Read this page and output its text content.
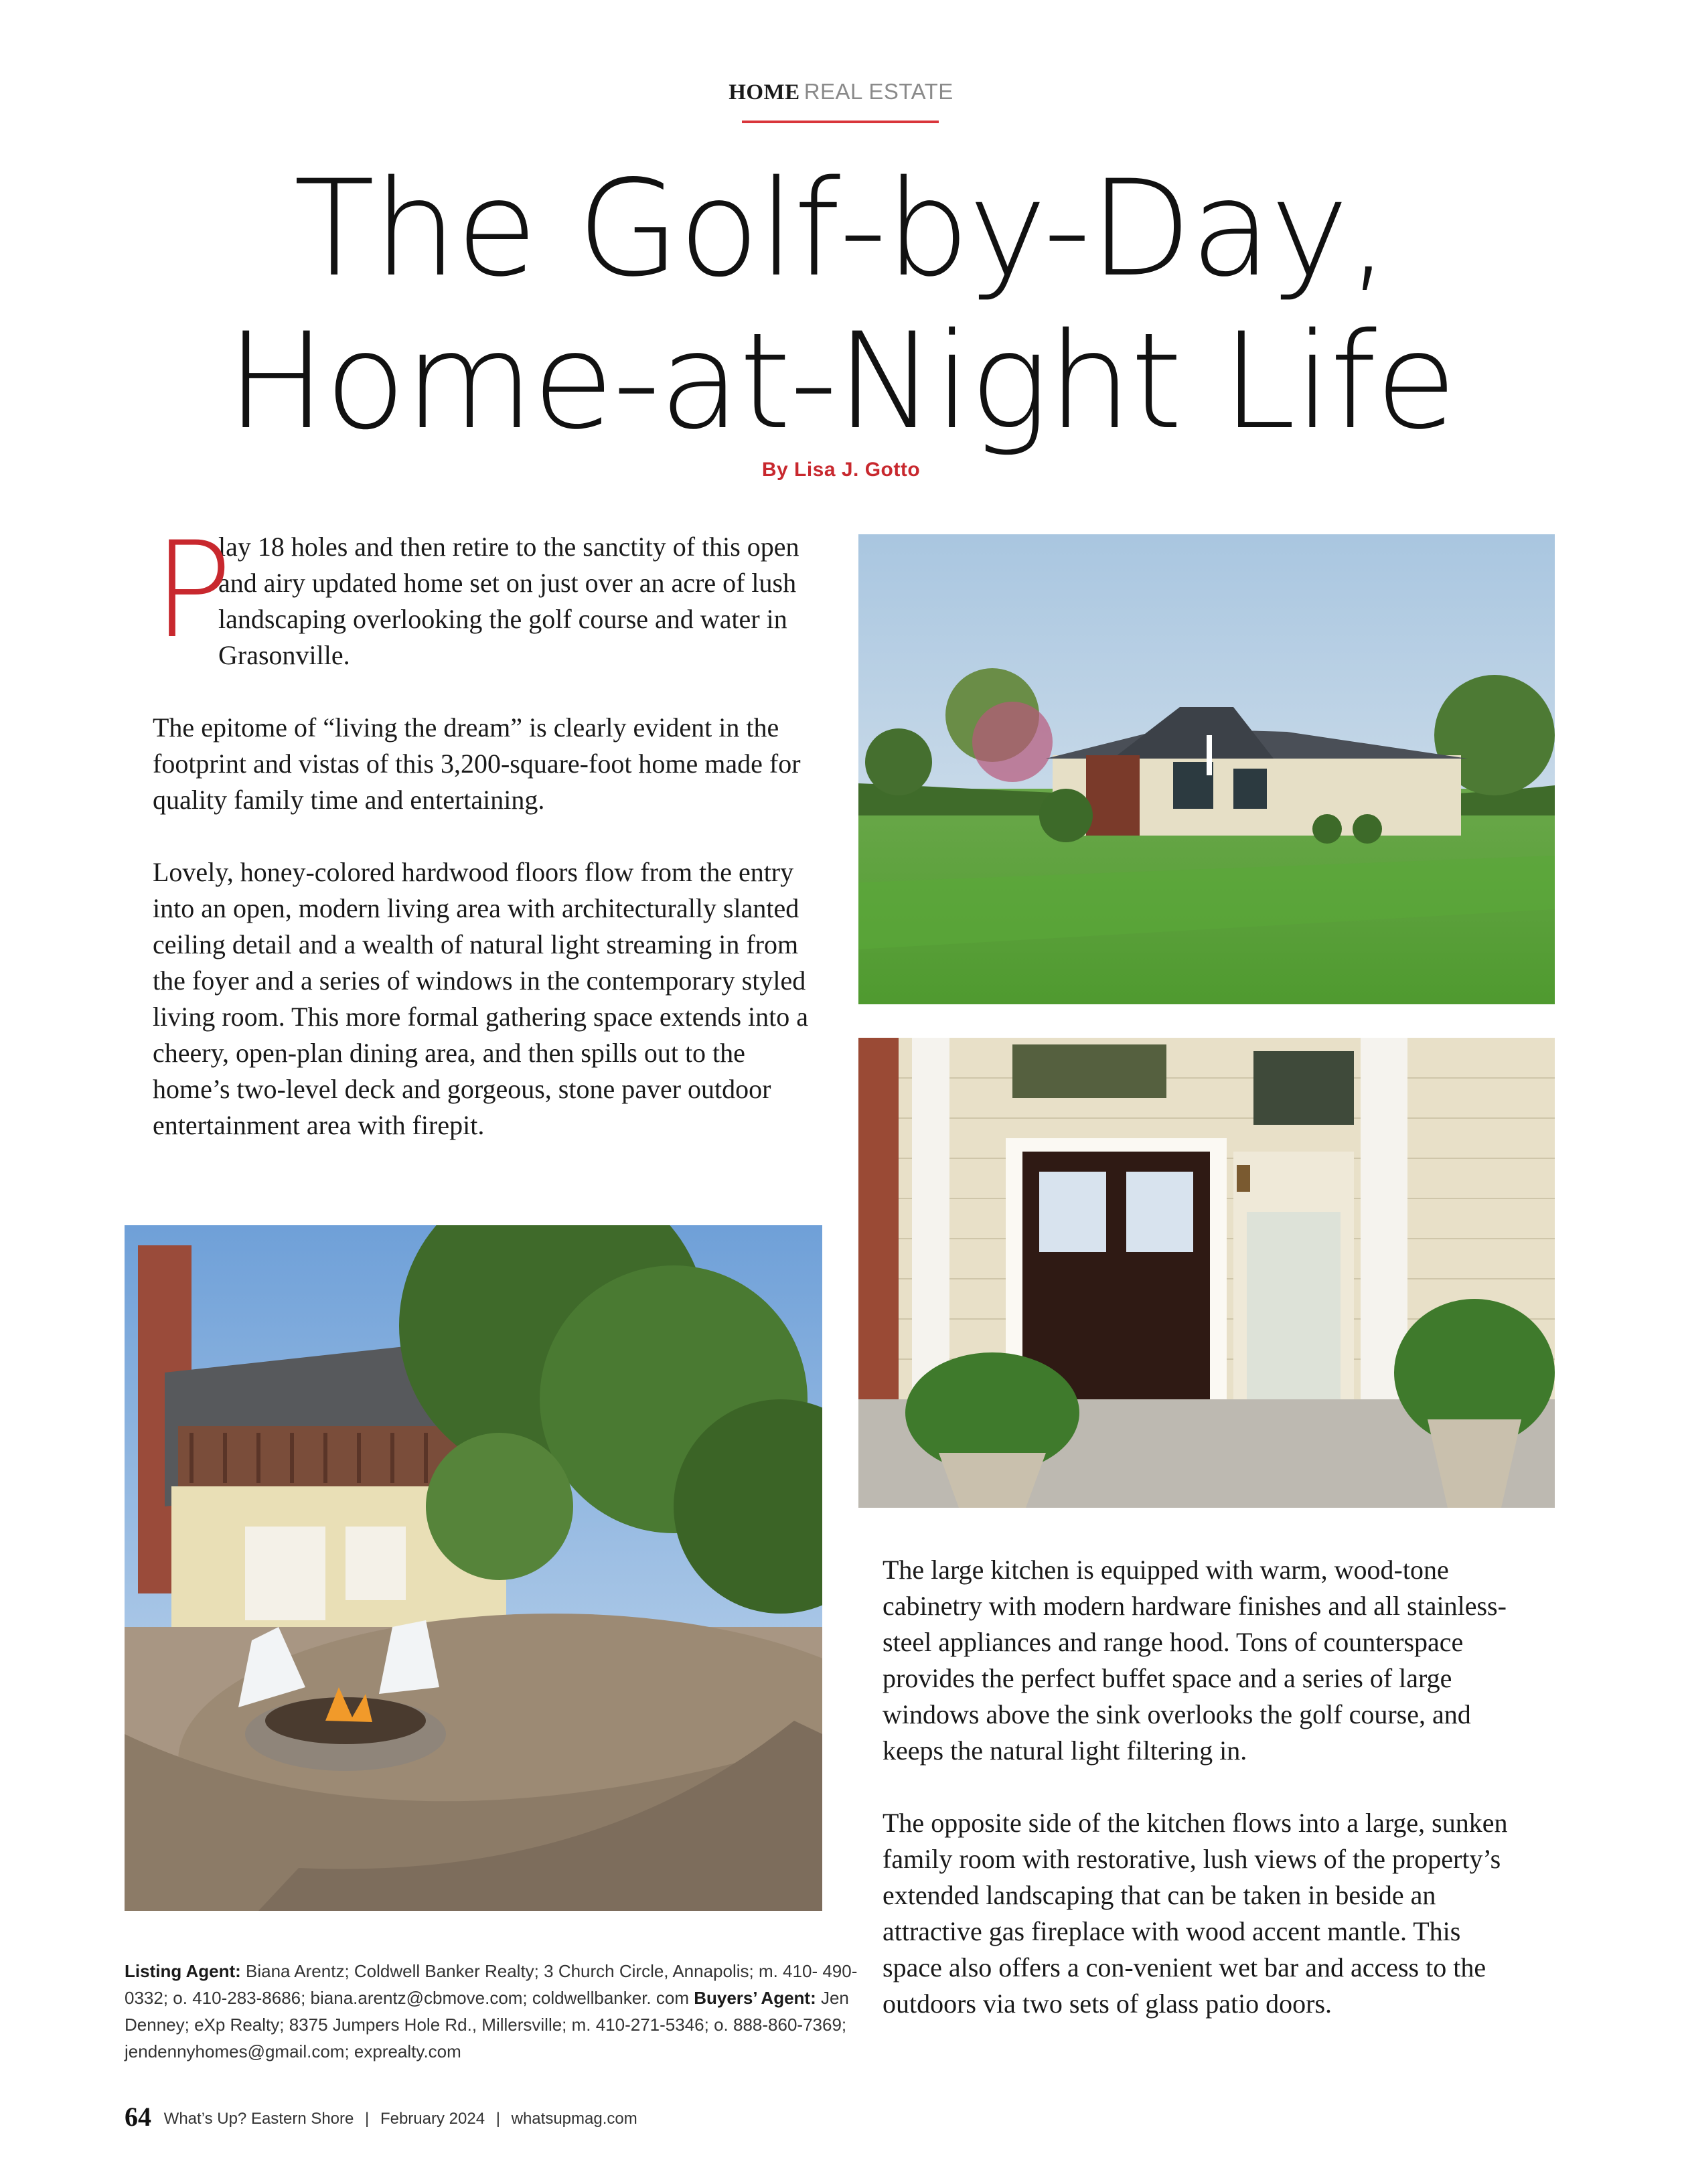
HOME REAL ESTATE
The Golf-by-Day,
Home-at-Night Life
By Lisa J. Gotto

P
lay 18 holes and then retire to the sanctity of this open and airy updated home set on just over an acre of lush landscaping overlooking the golf course and water in Grasonville.

The epitome of “living the dream” is clearly evident in the footprint and vistas of this 3,200-square-foot home made for quality family time and entertaining.

Lovely, honey-colored hardwood floors flow from the entry into an open, modern living area with architecturally slanted ceiling detail and a wealth of natural light streaming in from the foyer and a series of windows in the contemporary styled living room. This more formal gathering space extends into a cheery, open-plan dining area, and then spills out to the home’s two-level deck and gorgeous, stone paver outdoor entertainment area with firepit.

The large kitchen is equipped with warm, wood-tone cabinetry with modern hardware finishes and all stainless-steel appliances and range hood. Tons of counterspace provides the perfect buffet space and a series of large windows above the sink overlooks the golf course, and keeps the natural light filtering in.

The opposite side of the kitchen flows into a large, sunken family room with restorative, lush views of the property’s extended landscaping that can be taken in beside an attractive gas fireplace with wood accent mantle. This space also offers a con-venient wet bar and access to the outdoors via two sets of glass patio doors.

Listing Agent: Biana Arentz; Coldwell Banker Realty; 3 Church Circle, Annapolis; m. 410- 490-0332; o. 410-283-8686; biana.arentz@cbmove.com; coldwellbanker. com Buyers’ Agent: Jen Denney; eXp Realty; 8375 Jumpers Hole Rd., Millersville; m. 410-271-5346; o. 888-860-7369; jendennyhomes@gmail.com; exprealty.com
64 What’s Up? Eastern Shore | February 2024 | whatsupmag.com
